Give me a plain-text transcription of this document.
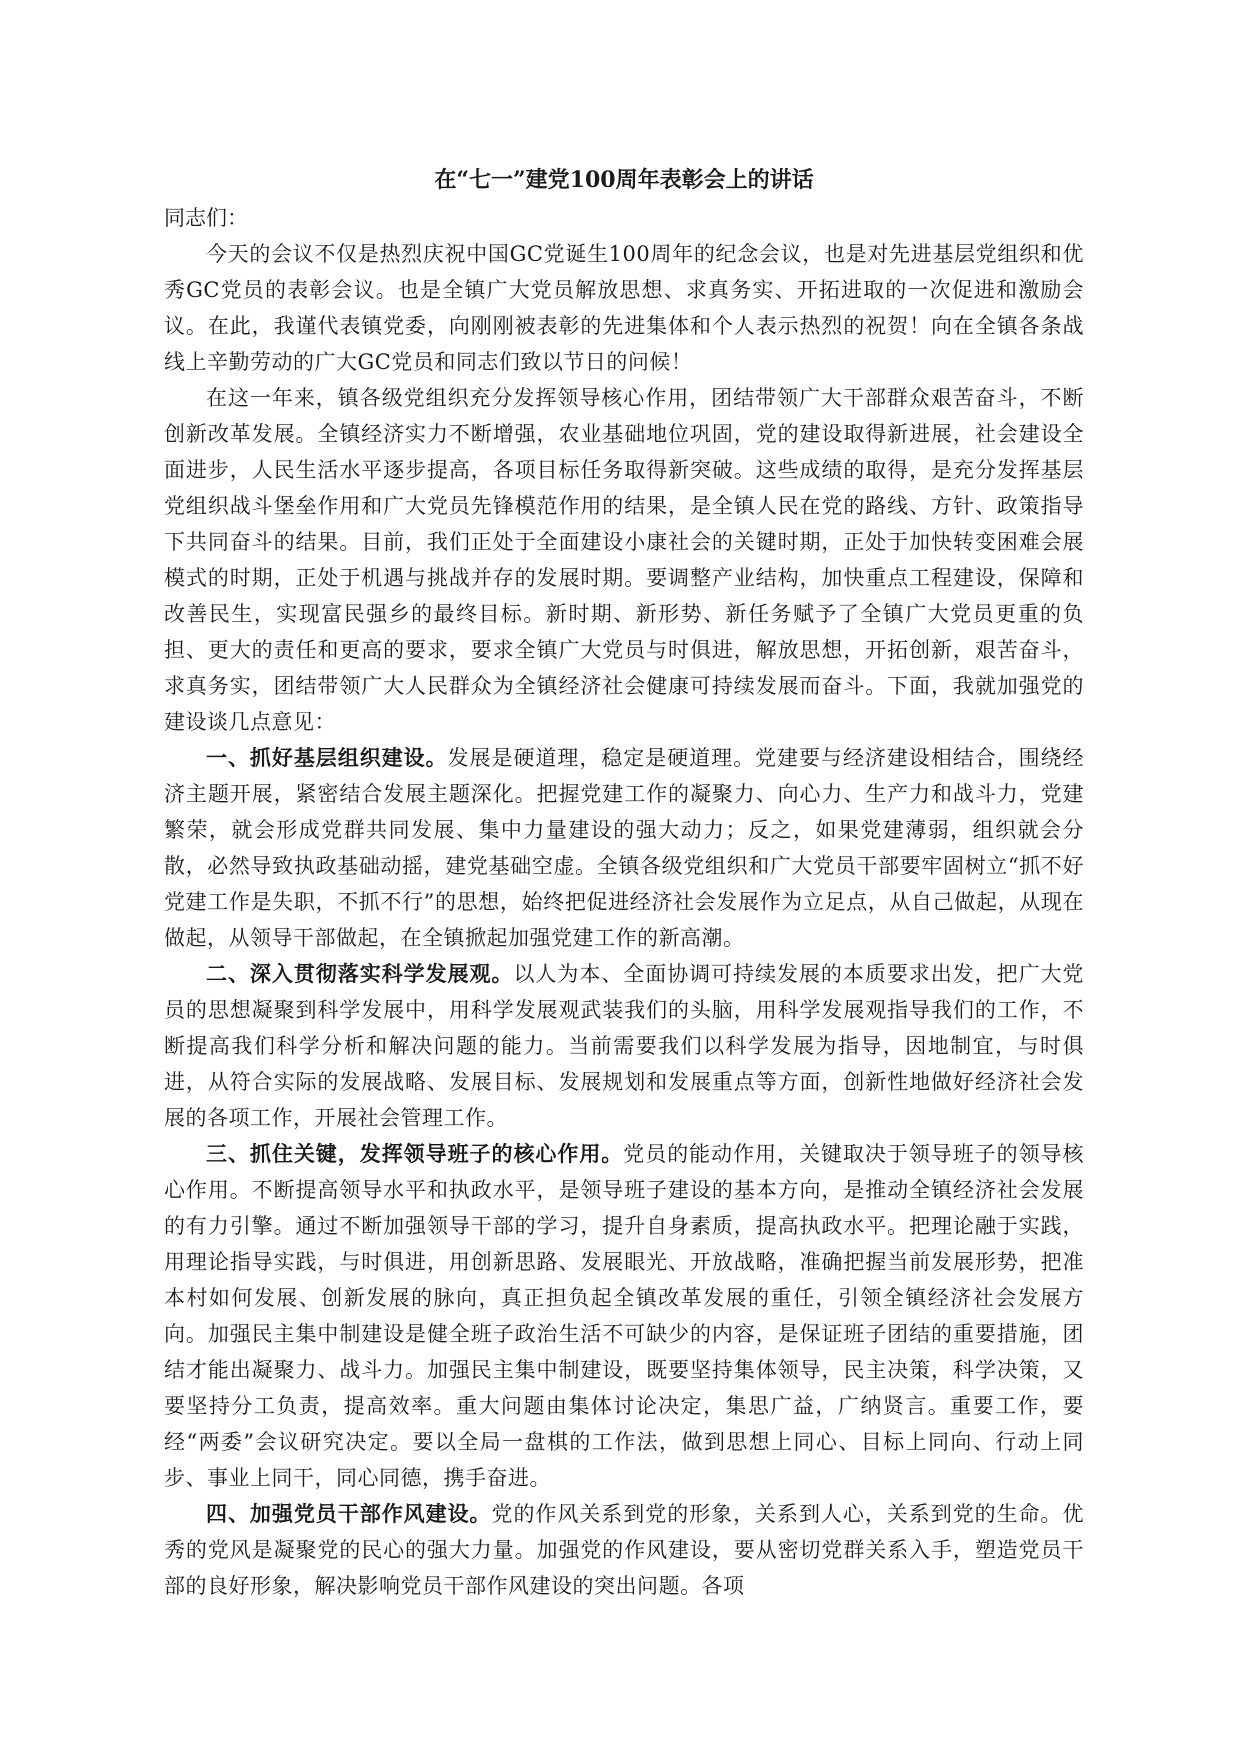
在“七一”建党100周年表彰会上的讲话

同志们：

今天的会议不仅是热烈庆祝中国GC党诞生100周年的纪念会议，也是对先进基层党组织和优秀GC党员的表彰会议。也是全镇广大党员解放思想、求真务实、开拓进取的一次促进和激励会议。在此，我谨代表镇党委，向刚刚被表彰的先进集体和个人表示热烈的祝贺！向在全镇各条战线上辛勤劳动的广大GC党员和同志们致以节日的问候！

在这一年来，镇各级党组织充分发挥领导核心作用，团结带领广大干部群众艰苦奋斗，不断创新改革发展。全镇经济实力不断增强，农业基础地位巩固，党的建设取得新进展，社会建设全面进步，人民生活水平逐步提高，各项目标任务取得新突破。这些成绩的取得，是充分发挥基层党组织战斗堡垒作用和广大党员先锋模范作用的结果，是全镇人民在党的路线、方针、政策指导下共同奋斗的结果。目前，我们正处于全面建设小康社会的关键时期，正处于加快转变困难会展模式的时期，正处于机遇与挑战并存的发展时期。要调整产业结构，加快重点工程建设，保障和改善民生，实现富民强乡的最终目标。新时期、新形势、新任务赋予了全镇广大党员更重的负担、更大的责任和更高的要求，要求全镇广大党员与时俱进，解放思想，开拓创新，艰苦奋斗，求真务实，团结带领广大人民群众为全镇经济社会健康可持续发展而奋斗。下面，我就加强党的建设谈几点意见：

一、抓好基层组织建设。发展是硬道理，稳定是硬道理。党建要与经济建设相结合，围绕经济主题开展，紧密结合发展主题深化。把握党建工作的凝聚力、向心力、生产力和战斗力，党建繁荣，就会形成党群共同发展、集中力量建设的强大动力；反之，如果党建薄弱，组织就会分散，必然导致执政基础动摇，建党基础空虚。全镇各级党组织和广大党员干部要牢固树立“抓不好党建工作是失职，不抓不行”的思想，始终把促进经济社会发展作为立足点，从自己做起，从现在做起，从领导干部做起，在全镇掀起加强党建工作的新高潮。

二、深入贯彻落实科学发展观。以人为本、全面协调可持续发展的本质要求出发，把广大党员的思想凝聚到科学发展中，用科学发展观武装我们的头脑，用科学发展观指导我们的工作，不断提高我们科学分析和解决问题的能力。当前需要我们以科学发展为指导，因地制宜，与时俱进，从符合实际的发展战略、发展目标、发展规划和发展重点等方面，创新性地做好经济社会发展的各项工作，开展社会管理工作。

三、抓住关键，发挥领导班子的核心作用。党员的能动作用，关键取决于领导班子的领导核心作用。不断提高领导水平和执政水平，是领导班子建设的基本方向，是推动全镇经济社会发展的有力引擎。通过不断加强领导干部的学习，提升自身素质，提高执政水平。把理论融于实践，用理论指导实践，与时俱进，用创新思路、发展眼光、开放战略，准确把握当前发展形势，把准本村如何发展、创新发展的脉向，真正担负起全镇改革发展的重任，引领全镇经济社会发展方向。加强民主集中制建设是健全班子政治生活不可缺少的内容，是保证班子团结的重要措施，团结才能出凝聚力、战斗力。加强民主集中制建设，既要坚持集体领导，民主决策，科学决策，又要坚持分工负责，提高效率。重大问题由集体讨论决定，集思广益，广纳贤言。重要工作，要经“两委”会议研究决定。要以全局一盘棋的工作法，做到思想上同心、目标上同向、行动上同步、事业上同干，同心同德，携手奋进。

四、加强党员干部作风建设。党的作风关系到党的形象，关系到人心，关系到党的生命。优秀的党风是凝聚党的民心的强大力量。加强党的作风建设，要从密切党群关系入手，塑造党员干部的良好形象，解决影响党员干部作风建设的突出问题。各项
